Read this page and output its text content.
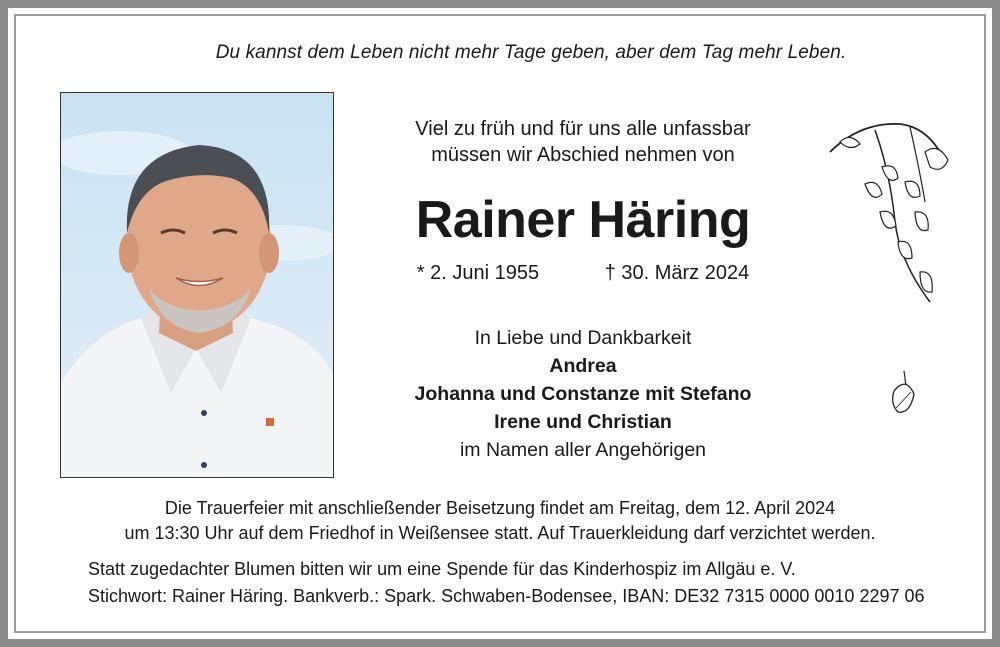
Du kannst dem Leben nicht mehr Tage geben, aber dem Tag mehr Leben.
Viel zu früh und für uns alle unfassbar
müssen wir Abschied nehmen von
Rainer Häring
* 2. Juni 1955	† 30. März 2024
In Liebe und Dankbarkeit
Andrea
Johanna und Constanze mit Stefano
Irene und Christian
im Namen aller Angehörigen
Die Trauerfeier mit anschließender Beisetzung findet am Freitag, dem 12. April 2024
um 13:30 Uhr auf dem Friedhof in Weißensee statt. Auf Trauerkleidung darf verzichtet werden.
Statt zugedachter Blumen bitten wir um eine Spende für das Kinderhospiz im Allgäu e. V.
Stichwort: Rainer Häring. Bankverb.: Spark. Schwaben-Bodensee, IBAN: DE32 7315 0000 0010 2297 06
